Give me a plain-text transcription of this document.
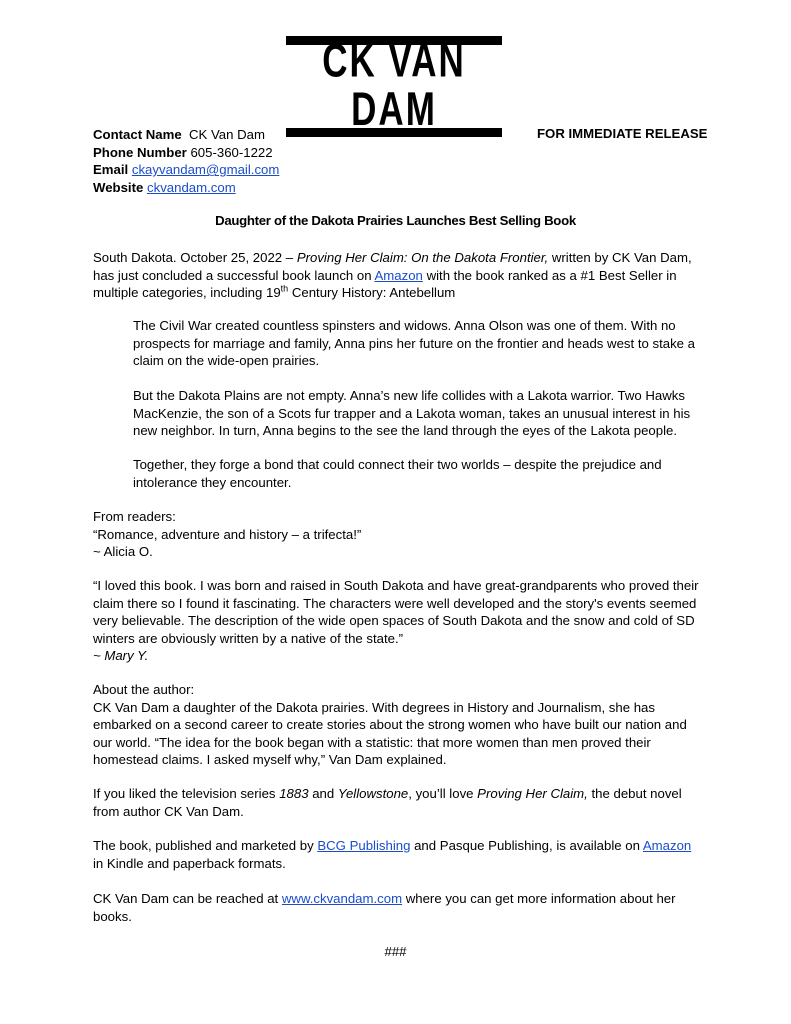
CK VAN DAM
Contact Name CK Van Dam
Phone Number 605-360-1222
Email ckayvandam@gmail.com
Website ckvandam.com
FOR IMMEDIATE RELEASE
Daughter of the Dakota Prairies Launches Best Selling Book

South Dakota. October 25, 2022 – Proving Her Claim: On the Dakota Frontier, written by CK Van Dam, has just concluded a successful book launch on Amazon with the book ranked as a #1 Best Seller in multiple categories, including 19th Century History: Antebellum

The Civil War created countless spinsters and widows. Anna Olson was one of them. With no prospects for marriage and family, Anna pins her future on the frontier and heads west to stake a claim on the wide-open prairies.

But the Dakota Plains are not empty. Anna’s new life collides with a Lakota warrior. Two Hawks MacKenzie, the son of a Scots fur trapper and a Lakota woman, takes an unusual interest in his new neighbor. In turn, Anna begins to the see the land through the eyes of the Lakota people.

Together, they forge a bond that could connect their two worlds – despite the prejudice and intolerance they encounter.

From readers:
“Romance, adventure and history – a trifecta!”
~ Alicia O.
“I loved this book. I was born and raised in South Dakota and have great-grandparents who proved their claim there so I found it fascinating. The characters were well developed and the story's events seemed very believable. The description of the wide open spaces of South Dakota and the snow and cold of SD winters are obviously written by a native of the state.”
~ Mary Y.
About the author:
CK Van Dam a daughter of the Dakota prairies. With degrees in History and Journalism, she has embarked on a second career to create stories about the strong women who have built our nation and our world. “The idea for the book began with a statistic: that more women than men proved their homestead claims. I asked myself why,” Van Dam explained.

If you liked the television series 1883 and Yellowstone, you’ll love Proving Her Claim, the debut novel from author CK Van Dam.

The book, published and marketed by BCG Publishing and Pasque Publishing, is available on Amazon in Kindle and paperback formats.

CK Van Dam can be reached at www.ckvandam.com where you can get more information about her books.

###
